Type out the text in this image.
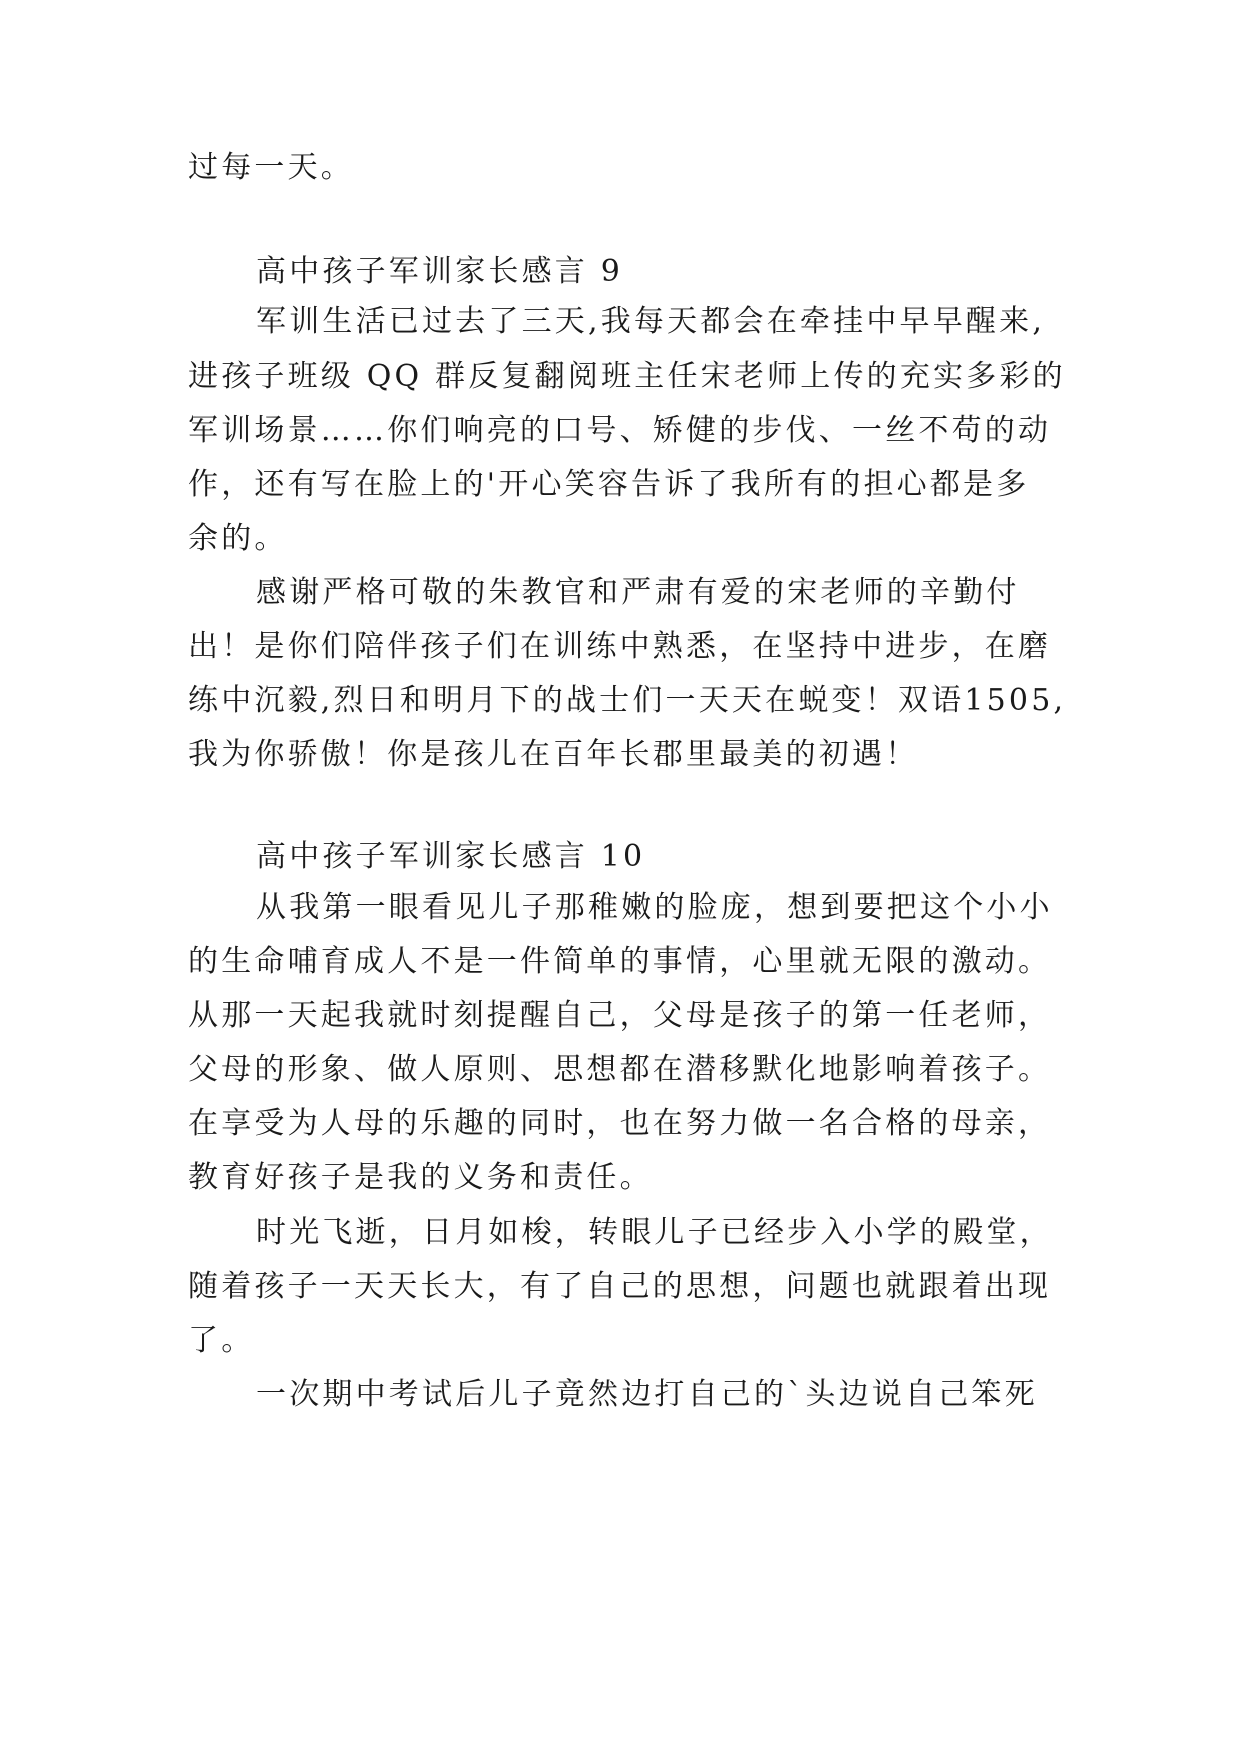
过每一天。

高中孩子军训家长感言 9

军训生活已过去了三天,我每天都会在牵挂中早早醒来,

进孩子班级 QQ 群反复翻阅班主任宋老师上传的充实多彩的

军训场景……你们响亮的口号、矫健的步伐、一丝不苟的动

作，还有写在脸上的'开心笑容告诉了我所有的担心都是多

余的。

感谢严格可敬的朱教官和严肃有爱的宋老师的辛勤付

出！是你们陪伴孩子们在训练中熟悉，在坚持中进步，在磨

练中沉毅,烈日和明月下的战士们一天天在蜕变！双语1505,

我为你骄傲！你是孩儿在百年长郡里最美的初遇！

高中孩子军训家长感言 10

从我第一眼看见儿子那稚嫩的脸庞，想到要把这个小小

的生命哺育成人不是一件简单的事情，心里就无限的激动。

从那一天起我就时刻提醒自己，父母是孩子的第一任老师，

父母的形象、做人原则、思想都在潜移默化地影响着孩子。

在享受为人母的乐趣的同时，也在努力做一名合格的母亲，

教育好孩子是我的义务和责任。

时光飞逝，日月如梭，转眼儿子已经步入小学的殿堂，

随着孩子一天天长大，有了自己的思想，问题也就跟着出现

了。

一次期中考试后儿子竟然边打自己的`头边说自己笨死
